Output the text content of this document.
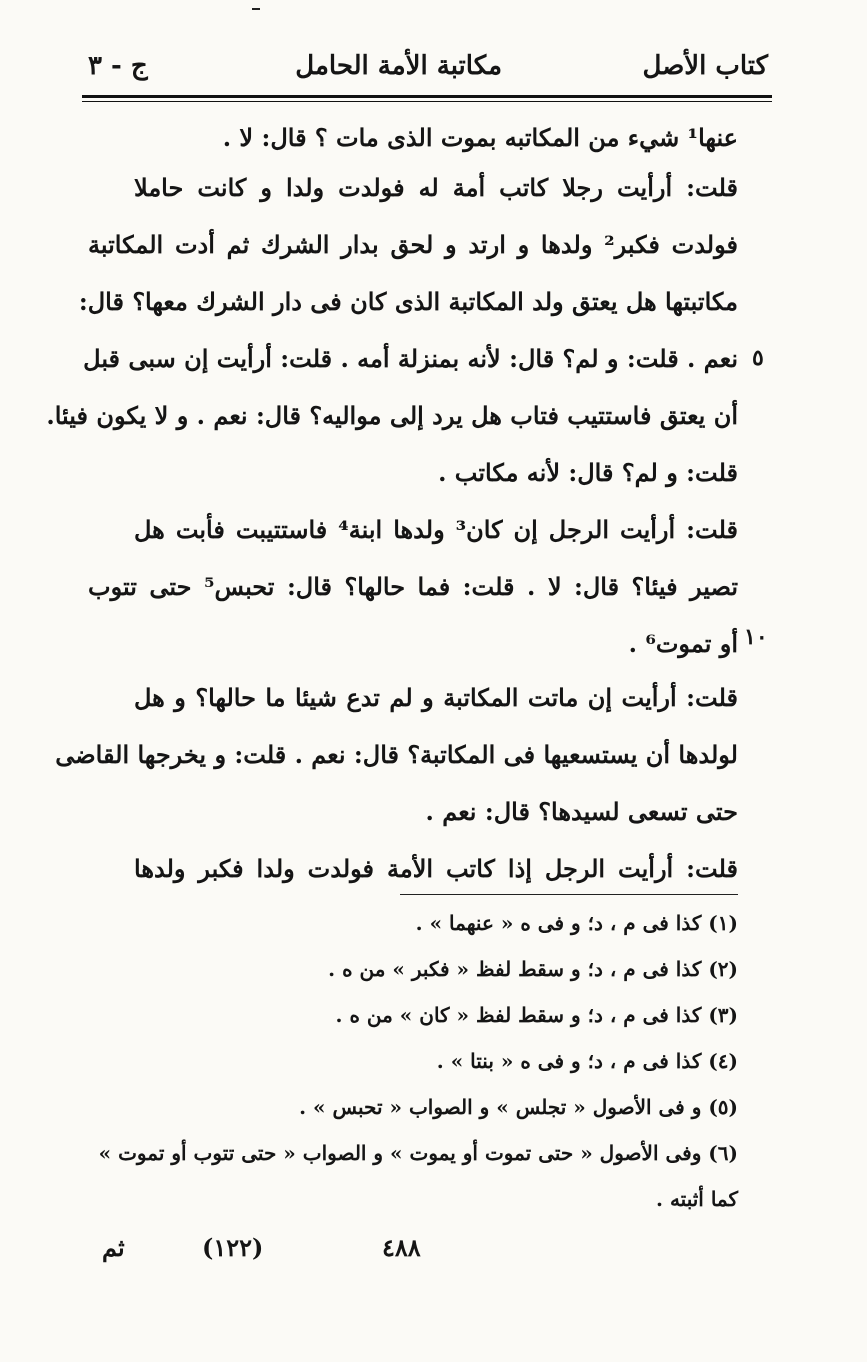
كتاب الأصل
مكاتبة الأمة الحامل
ج - ٣
عنها¹ شيء من المكاتبه بموت الذى مات ؟ قال: لا .
قلت: أرأيت رجلا كاتب أمة له فولدت ولدا و كانت حاملا
فولدت فكبر² ولدها و ارتد و لحق بدار الشرك ثم أدت المكاتبة
مكاتبتها هل يعتق ولد المكاتبة الذى كان فى دار الشرك معها؟ قال:
نعم . قلت: و لم؟ قال: لأنه بمنزلة أمه . قلت: أرأيت إن سبى قبل
أن يعتق فاستتيب فتاب هل يرد إلى مواليه؟ قال: نعم . و لا يكون فيئا.
قلت: و لم؟ قال: لأنه مكاتب .
قلت: أرأيت الرجل إن كان³ ولدها ابنة⁴ فاستتيبت فأبت هل
تصير فيئا؟ قال: لا . قلت: فما حالها؟ قال: تحبس⁵ حتى تتوب
أو تموت⁶ .
قلت: أرأيت إن ماتت المكاتبة و لم تدع شيئا ما حالها؟ و هل
لولدها أن يستسعيها فى المكاتبة؟ قال: نعم . قلت: و يخرجها القاضى
حتى تسعى لسيدها؟ قال: نعم .
قلت: أرأيت الرجل إذا كاتب الأمة فولدت ولدا فكبر ولدها
٥
١٠
(١) كذا فى م ، د؛ و فى ه « عنهما » .
(٢) كذا فى م ، د؛ و سقط لفظ « فكبر » من ه .
(٣) كذا فى م ، د؛ و سقط لفظ « كان » من ه .
(٤) كذا فى م ، د؛ و فى ه « بنتا » .
(٥) و فى الأصول « تجلس » و الصواب « تحبس » .
(٦) وفى الأصول « حتى تموت أو يموت » و الصواب « حتى تتوب أو تموت »
كما أثبته .
٤٨٨
(١٢٢)
ثم
